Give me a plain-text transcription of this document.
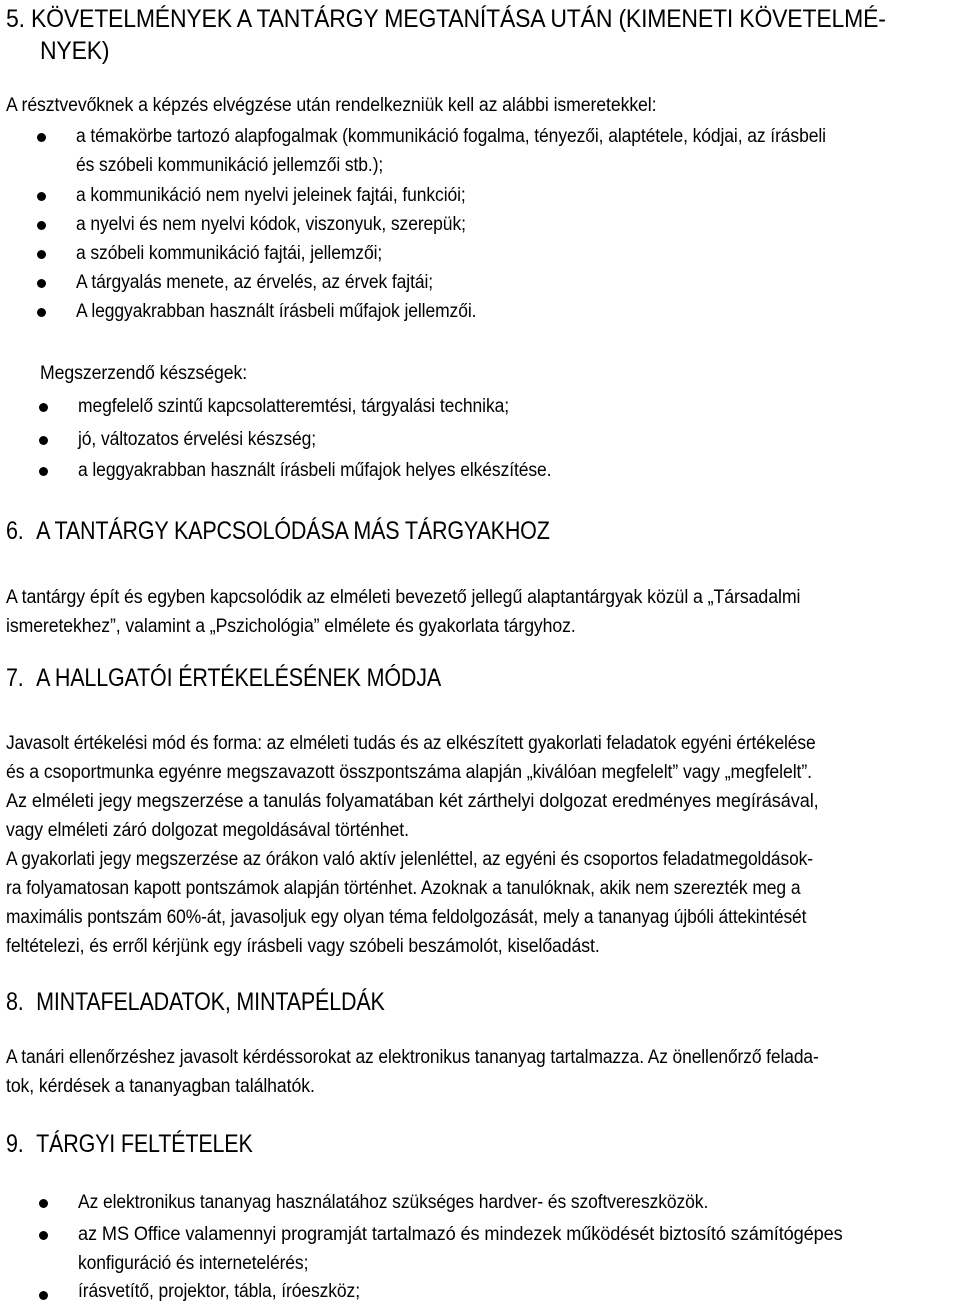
5. KÖVETELMÉNYEK A TANTÁRGY MEGTANÍTÁSA UTÁN (KIMENETI KÖVETELMÉ-
NYEK)
A résztvevőknek a képzés elvégzése után rendelkezniük kell az alábbi ismeretekkel:
a témakörbe tartozó alapfogalmak (kommunikáció fogalma, tényezői, alaptétele, kódjai, az írásbeli
és szóbeli kommunikáció jellemzői stb.);
a kommunikáció nem nyelvi jeleinek fajtái, funkciói;
a nyelvi és nem nyelvi kódok, viszonyuk, szerepük;
a szóbeli kommunikáció fajtái, jellemzői;
A tárgyalás menete, az érvelés, az érvek fajtái;
A leggyakrabban használt írásbeli műfajok jellemzői.
Megszerzendő készségek:
megfelelő szintű kapcsolatteremtési, tárgyalási technika;
jó, változatos érvelési készség;
a leggyakrabban használt írásbeli műfajok helyes elkészítése.
6. A TANTÁRGY KAPCSOLÓDÁSA MÁS TÁRGYAKHOZ
A tantárgy épít és egyben kapcsolódik az elméleti bevezető jellegű alaptantárgyak közül a „Társadalmi
ismeretekhez”, valamint a „Pszichológia” elmélete és gyakorlata tárgyhoz.
7. A HALLGATÓI ÉRTÉKELÉSÉNEK MÓDJA
Javasolt értékelési mód és forma: az elméleti tudás és az elkészített gyakorlati feladatok egyéni értékelése
és a csoportmunka egyénre megszavazott összpontszáma alapján „kiválóan megfelelt” vagy „megfelelt”.
Az elméleti jegy megszerzése a tanulás folyamatában két zárthelyi dolgozat eredményes megírásával,
vagy elméleti záró dolgozat megoldásával történhet.
A gyakorlati jegy megszerzése az órákon való aktív jelenléttel, az egyéni és csoportos feladatmegoldások-
ra folyamatosan kapott pontszámok alapján történhet. Azoknak a tanulóknak, akik nem szerezték meg a
maximális pontszám 60%-át, javasoljuk egy olyan téma feldolgozását, mely a tananyag újbóli áttekintését
feltételezi, és erről kérjünk egy írásbeli vagy szóbeli beszámolót, kiselőadást.
8. MINTAFELADATOK, MINTAPÉLDÁK
A tanári ellenőrzéshez javasolt kérdéssorokat az elektronikus tananyag tartalmazza. Az önellenőrző felada-
tok, kérdések a tananyagban találhatók.
9. TÁRGYI FELTÉTELEK
Az elektronikus tananyag használatához szükséges hardver- és szoftvereszközök.
az MS Office valamennyi programját tartalmazó és mindezek működését biztosító számítógépes
konfiguráció és internetelérés;
írásvetítő, projektor, tábla, íróeszköz;
